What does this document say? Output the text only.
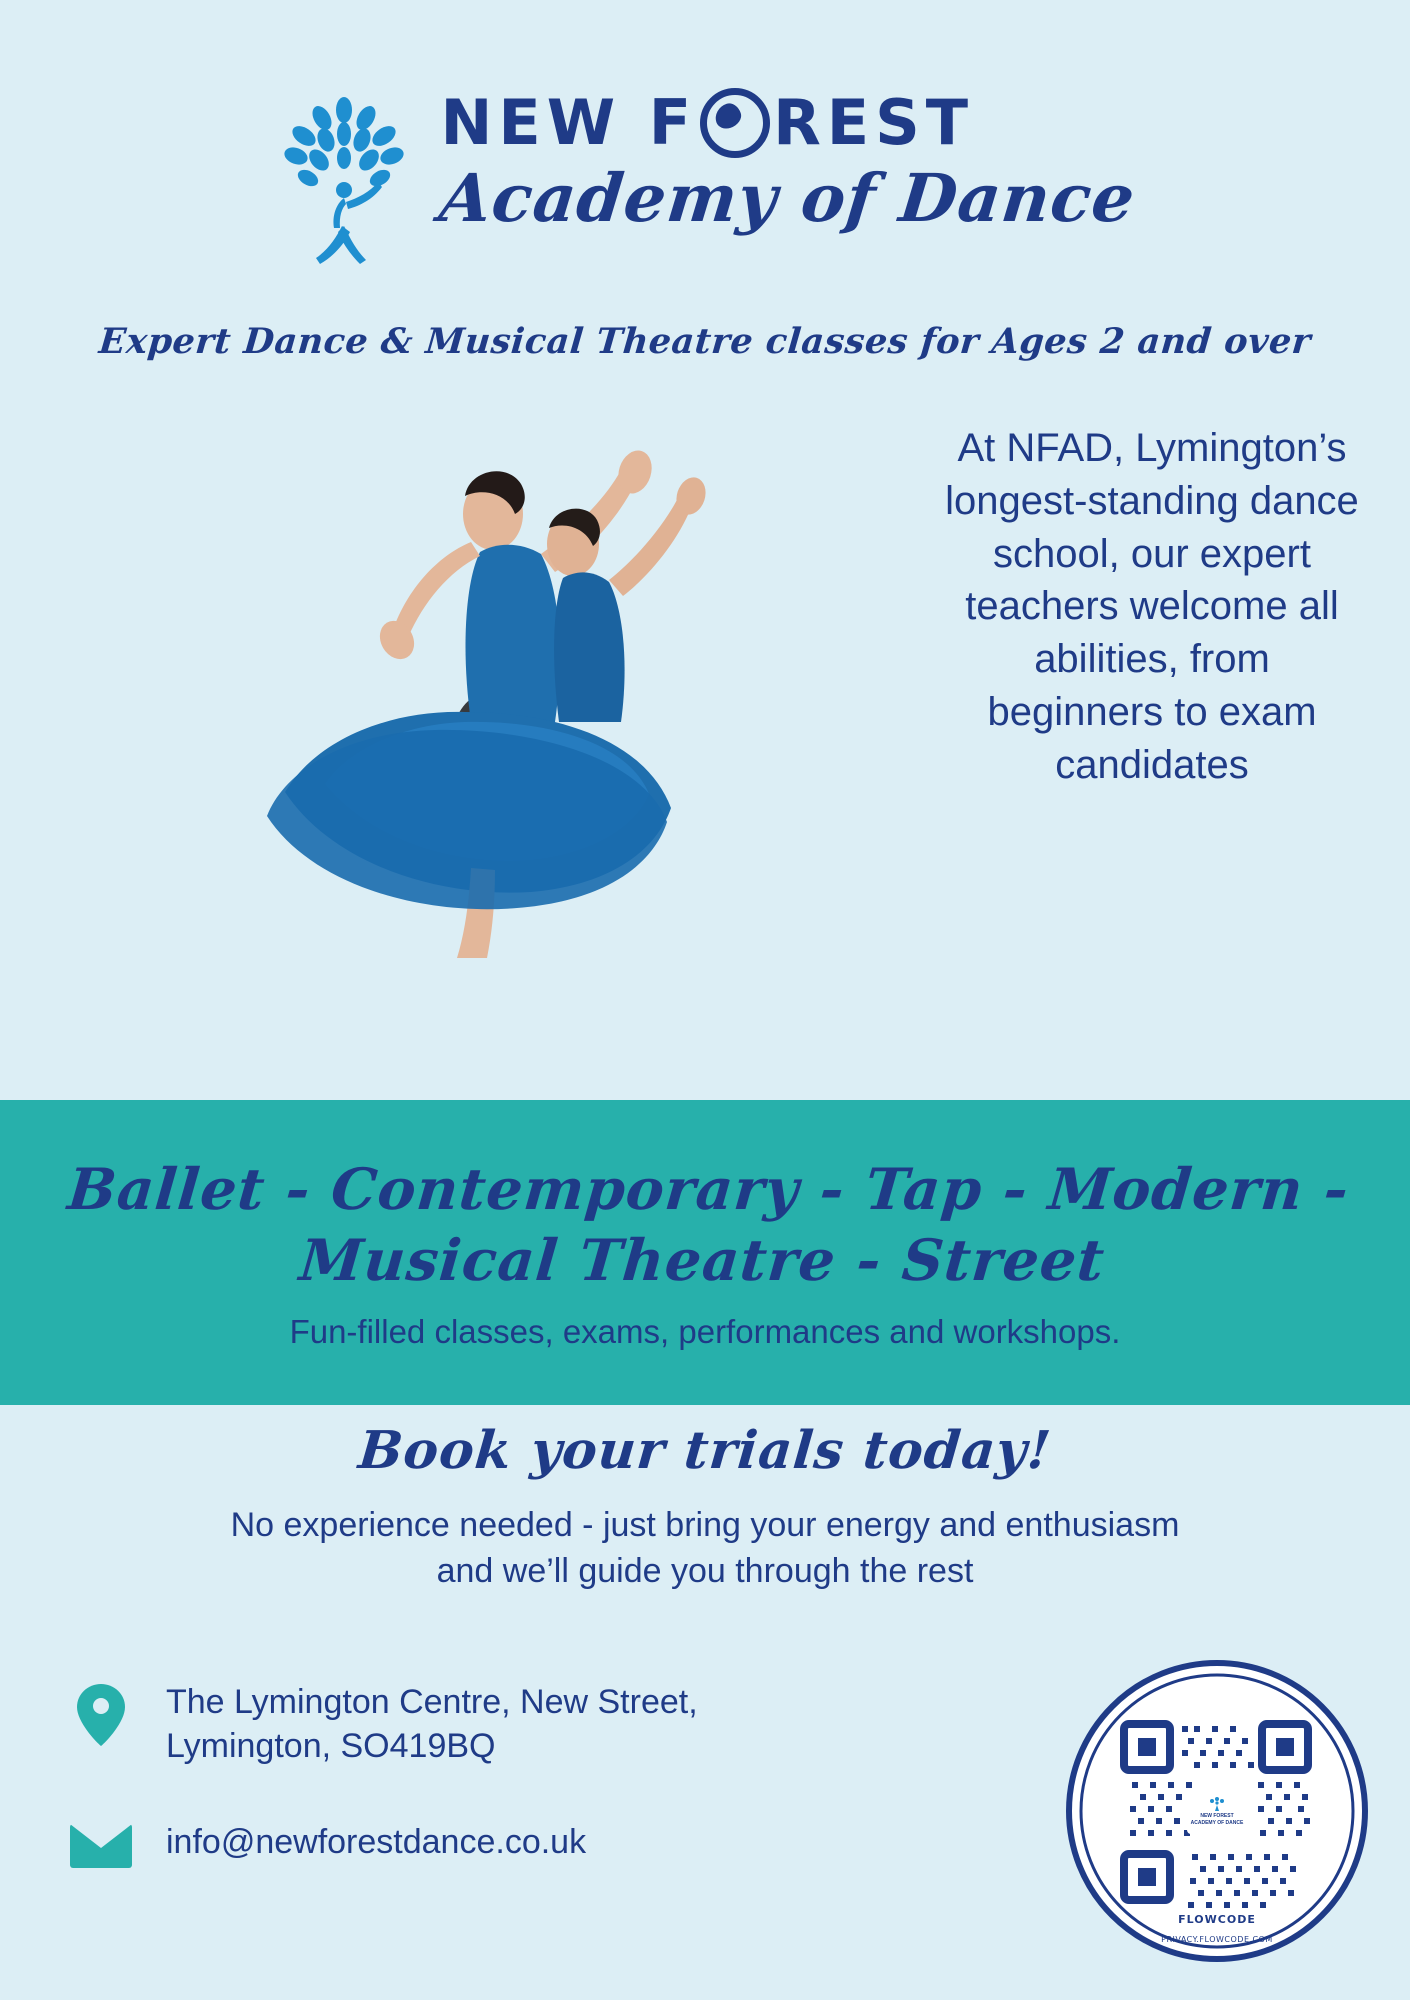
NEW F REST
Academy of Dance
Expert Dance & Musical Theatre classes for Ages 2 and over
At NFAD, Lymington’s longest-standing dance school, our expert teachers welcome all abilities, from beginners to exam candidates
Ballet - Contemporary - Tap - Modern -
Musical Theatre - Street
Fun-filled classes, exams, performances and workshops.
Book your trials today!
No experience needed - just bring your energy and enthusiasm
and we’ll guide you through the rest
The Lymington Centre, New Street,
Lymington, SO419BQ
info@newforestdance.co.uk
NEW FOREST
ACADEMY OF DANCE
FLOWCODE
PRIVACY.FLOWCODE.COM
